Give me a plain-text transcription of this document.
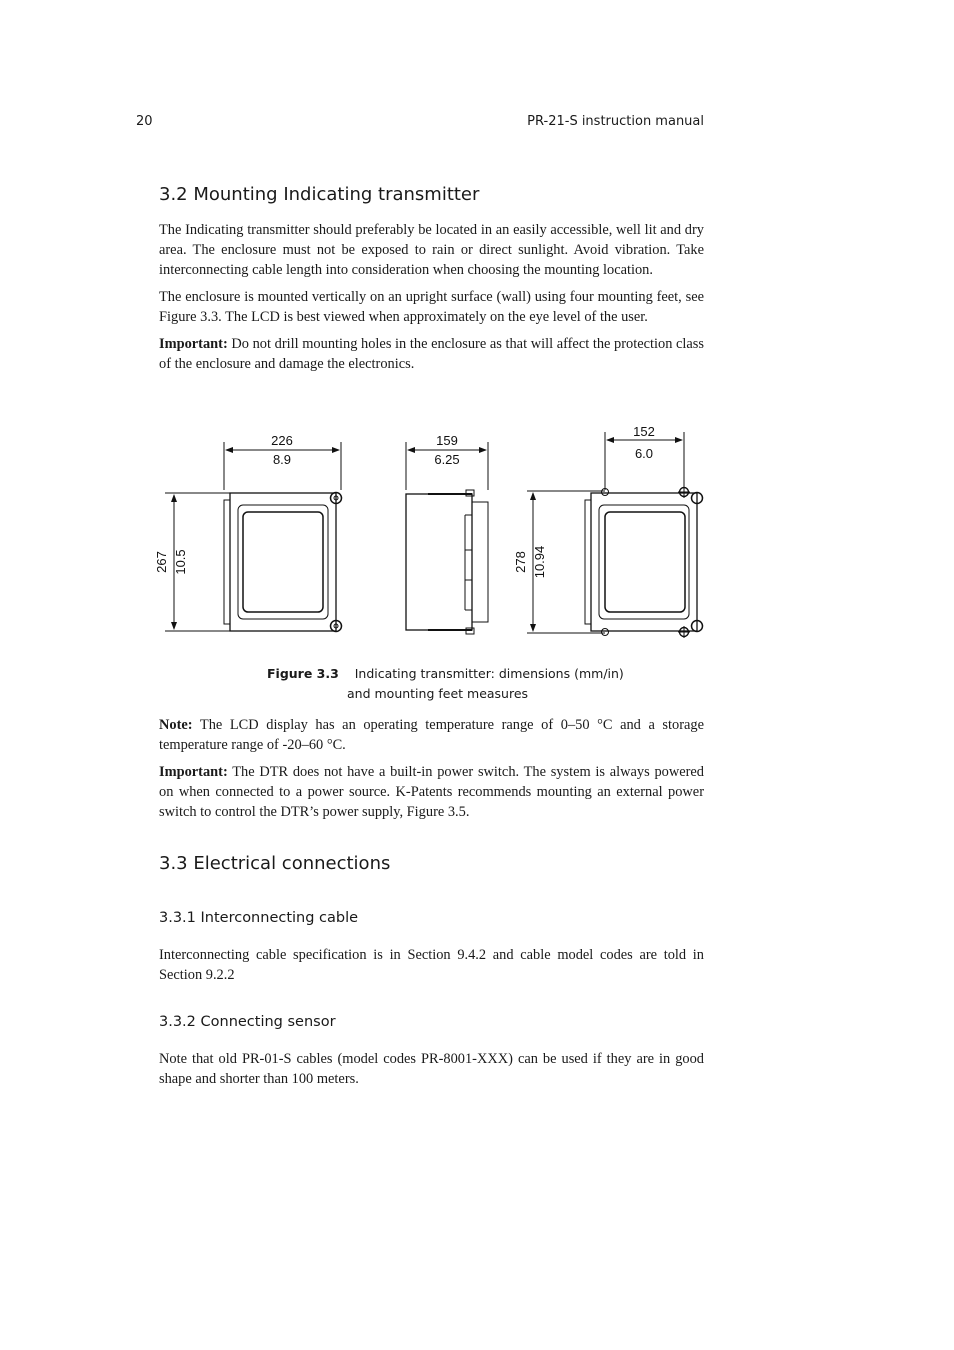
20	PR-21-S instruction manual
3.2 Mounting Indicating transmitter

The Indicating transmitter should preferably be located in an easily accessible, well lit and dry area. The enclosure must not be exposed to rain or direct sunlight. Avoid vibration. Take interconnecting cable length into consideration when choosing the mounting location.

The enclosure is mounted vertically on an upright surface (wall) using four mounting feet, see Figure 3.3. The LCD is best viewed when approximately on the eye level of the user.

Important: Do not drill mounting holes in the enclosure as that will affect the protection class of the enclosure and damage the electronics.

226
8.9
267 10.5
159
6.25
152
6.0
278 10.94
Figure 3.3 Indicating transmitter: dimensions (mm/in)
and mounting feet measures

Note: The LCD display has an operating temperature range of 0–50 °C and a storage temperature range of -20–60 °C.

Important: The DTR does not have a built-in power switch. The system is always powered on when connected to a power source. K-Patents recommends mounting an external power switch to control the DTR’s power supply, Figure 3.5.

3.3 Electrical connections
3.3.1 Interconnecting cable
Interconnecting cable specification is in Section 9.4.2 and cable model codes are told in Section 9.2.2
3.3.2 Connecting sensor
Note that old PR-01-S cables (model codes PR-8001-XXX) can be used if they are in good shape and shorter than 100 meters.
